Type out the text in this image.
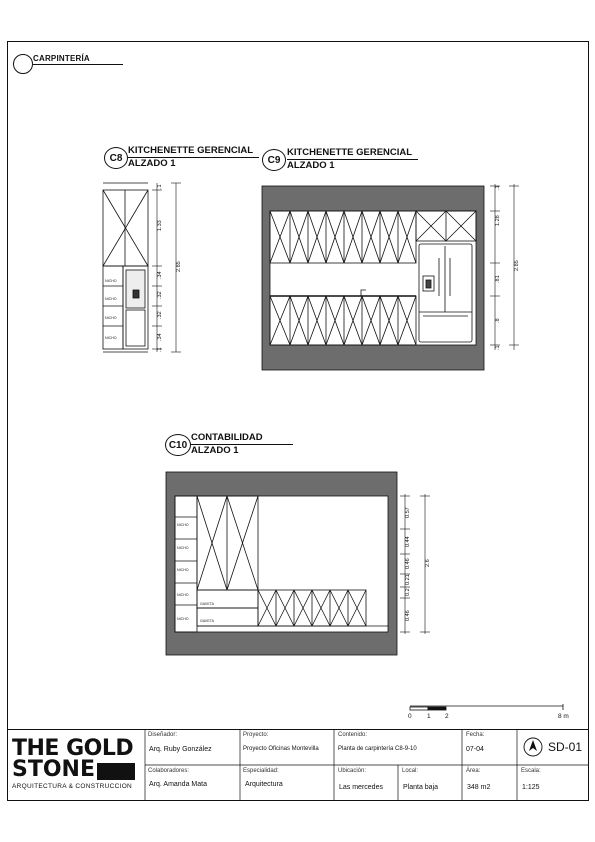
CARPINTERÍA
C8
KITCHENETTE GERENCIAL
ALZADO 1	C9
KITCHENETTE GERENCIAL
ALZADO 1
C10
CONTABILIDAD
ALZADO 1
1.33
.34
.32
.32
.34
.1
.1
2.85
1.28
.81
.8
.1
.1
2.85
0.57
0.44
0.46
0.21
0.2
0.46
2.6
NICHO
NICHO
NICHO
NICHO
NICHO
NICHO
NICHO
NICHO
NICHO
GAVETA
GAVETA
0 1 2	8 m
THE GOLD
STONE
ARQUITECTURA & CONSTRUCCION
Diseñador:
Arq. Ruby González
Proyecto:
Proyecto Oficinas Montevilla
Contenido:
Planta de carpintería C8-9-10
Fecha:
07-04	SD-01
Colaboradores:
Arq. Amanda Mata
Especialidad:
Arquitectura
Ubicación:
Las mercedes
Local:
Planta baja
Área:
348 m2
Escala:
1:125
